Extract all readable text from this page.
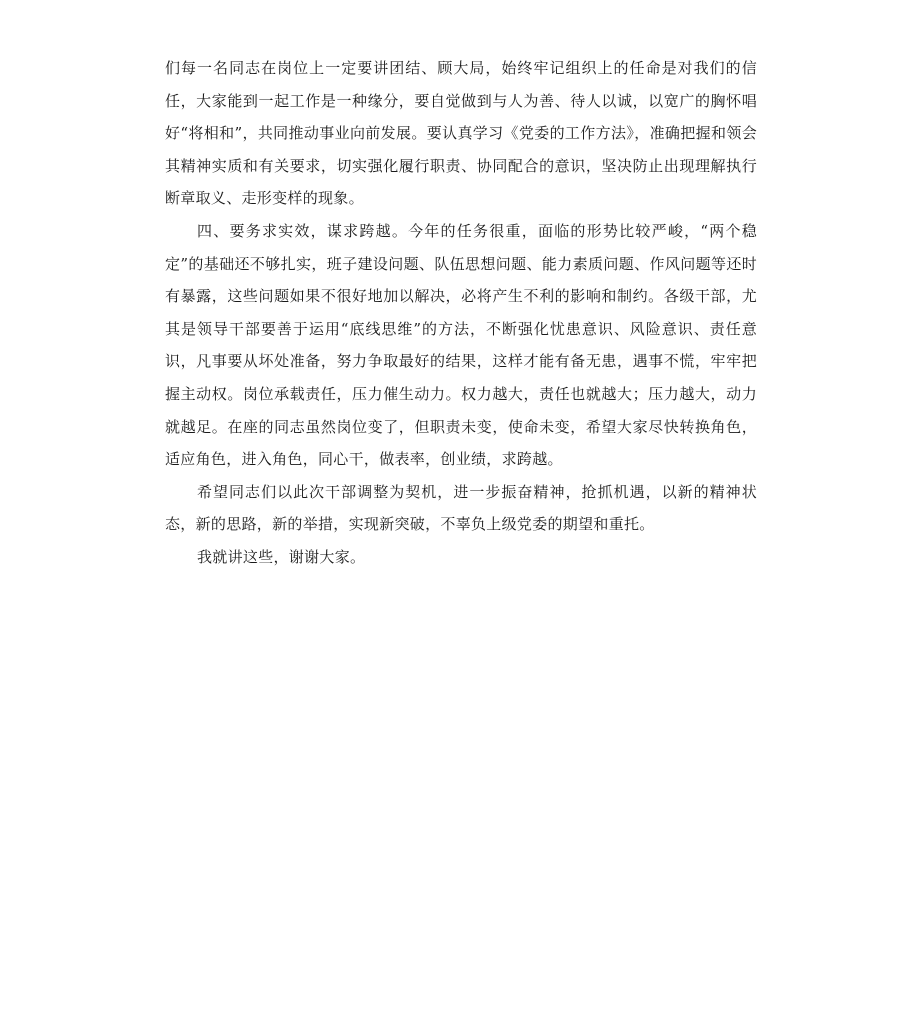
们每一名同志在岗位上一定要讲团结、顾大局，始终牢记组织上的任命是对我们的信任，大家能到一起工作是一种缘分，要自觉做到与人为善、待人以诚，以宽广的胸怀唱好“将相和”，共同推动事业向前发展。要认真学习《党委的工作方法》，准确把握和领会其精神实质和有关要求，切实强化履行职责、协同配合的意识，坚决防止出现理解执行断章取义、走形变样的现象。

四、要务求实效，谋求跨越。今年的任务很重，面临的形势比较严峻，“两个稳定”的基础还不够扎实，班子建设问题、队伍思想问题、能力素质问题、作风问题等还时有暴露，这些问题如果不很好地加以解决，必将产生不利的影响和制约。各级干部，尤其是领导干部要善于运用“底线思维”的方法，不断强化忧患意识、风险意识、责任意识，凡事要从坏处准备，努力争取最好的结果，这样才能有备无患，遇事不慌，牢牢把握主动权。岗位承载责任，压力催生动力。权力越大，责任也就越大；压力越大，动力就越足。在座的同志虽然岗位变了，但职责未变，使命未变，希望大家尽快转换角色，适应角色，进入角色，同心干，做表率，创业绩，求跨越。

希望同志们以此次干部调整为契机，进一步振奋精神，抢抓机遇，以新的精神状态，新的思路，新的举措，实现新突破，不辜负上级党委的期望和重托。

我就讲这些，谢谢大家。
